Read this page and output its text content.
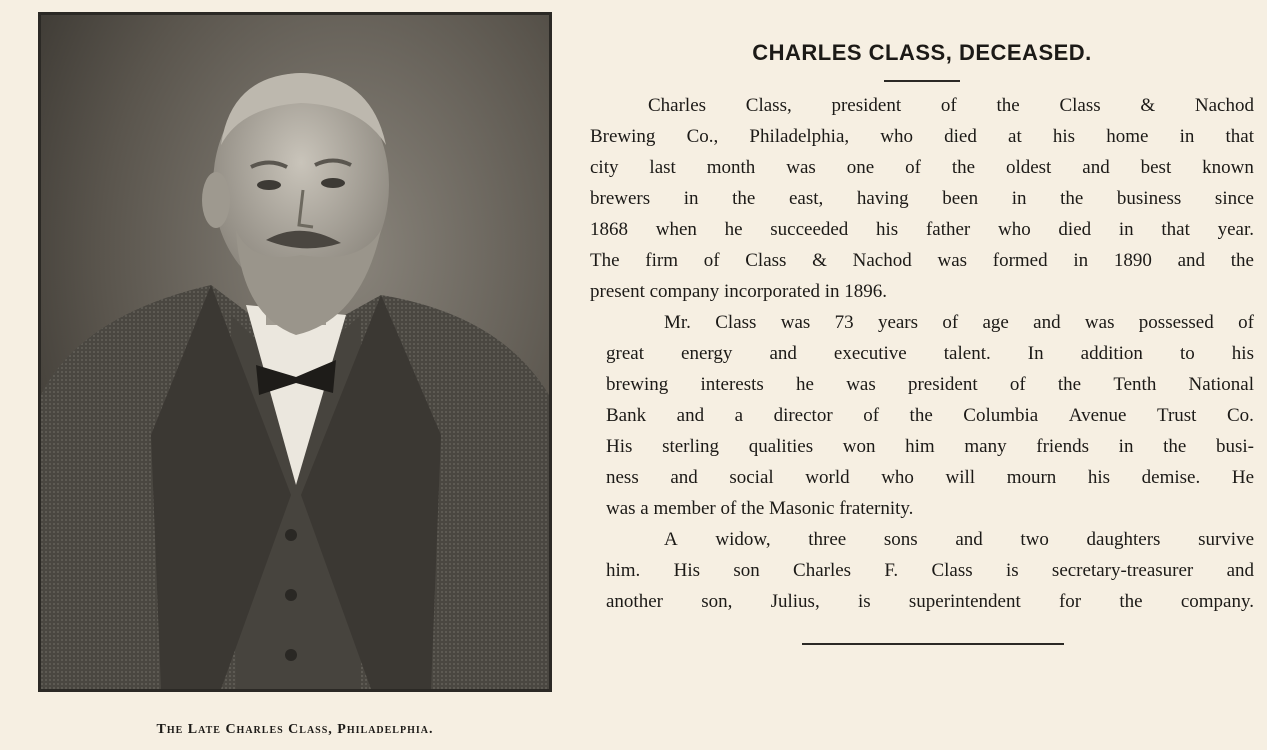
The Late Charles Class, Philadelphia.
CHARLES CLASS, DECEASED.
Charles Class, president of the Class & Nachod
Brewing Co., Philadelphia, who died at his home in that
city last month was one of the oldest and best known
brewers in the east, having been in the business since
1868 when he succeeded his father who died in that year.
The firm of Class & Nachod was formed in 1890 and the
present company incorporated in 1896.
Mr. Class was 73 years of age and was possessed of
great energy and executive talent. In addition to his
brewing interests he was president of the Tenth National
Bank and a director of the Columbia Avenue Trust Co.
His sterling qualities won him many friends in the busi-
ness and social world who will mourn his demise. He
was a member of the Masonic fraternity.
A widow, three sons and two daughters survive
him. His son Charles F. Class is secretary-treasurer and
another son, Julius, is superintendent for the company.
